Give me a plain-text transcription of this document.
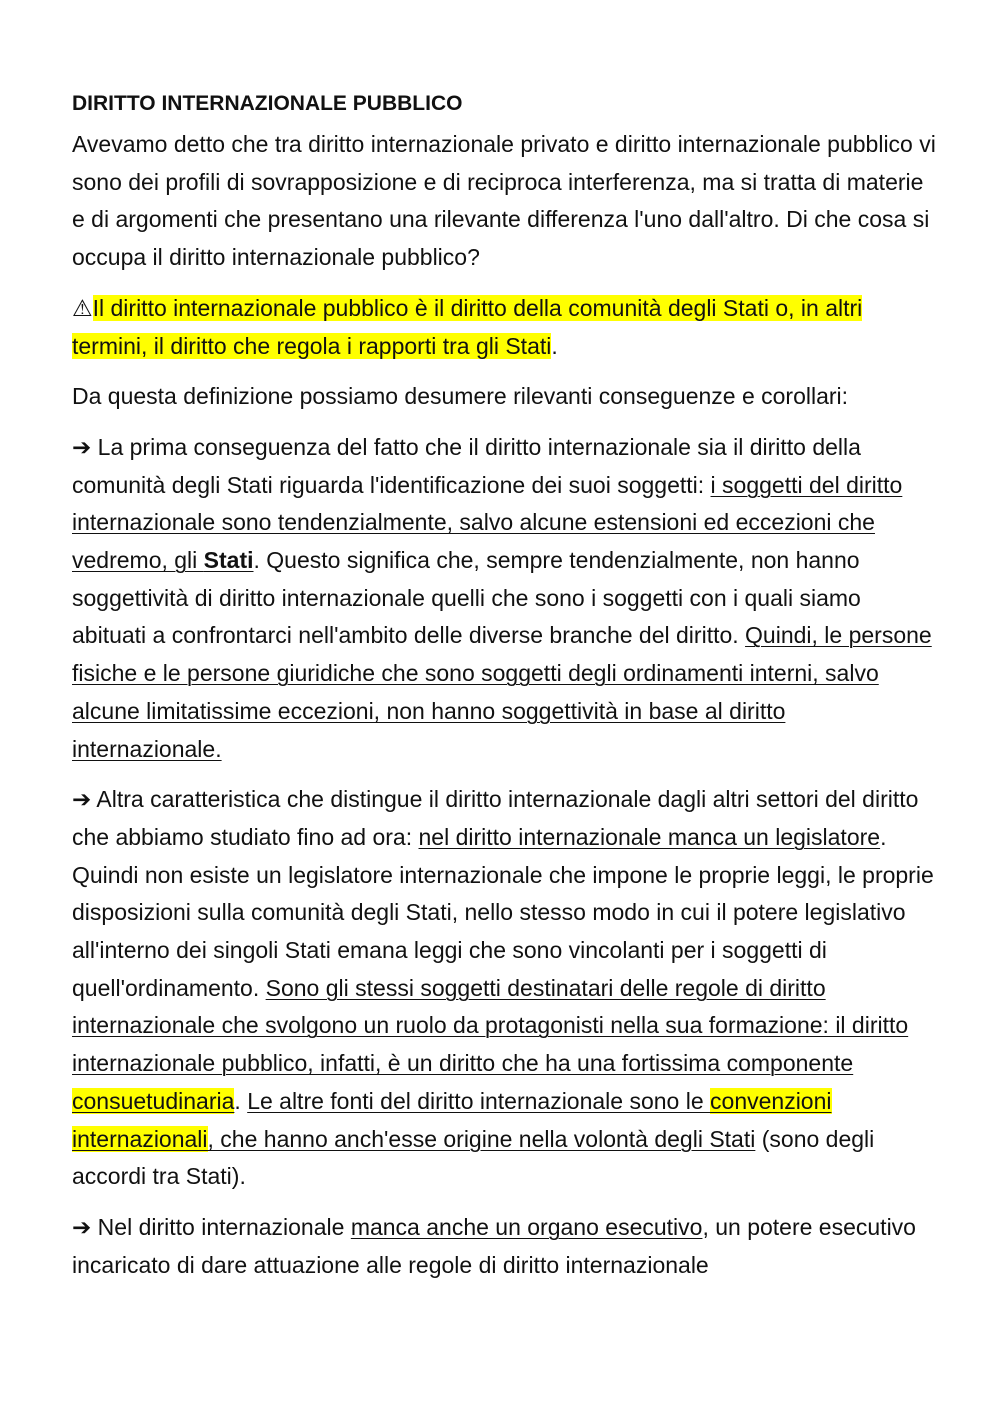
DIRITTO INTERNAZIONALE PUBBLICO

Avevamo detto che tra diritto internazionale privato e diritto internazionale pubblico vi sono dei profili di sovrapposizione e di reciproca interferenza, ma si tratta di materie e di argomenti che presentano una rilevante differenza l'uno dall'altro. Di che cosa si occupa il diritto internazionale pubblico?

⚠Il diritto internazionale pubblico è il diritto della comunità degli Stati o, in altri termini, il diritto che regola i rapporti tra gli Stati.

Da questa definizione possiamo desumere rilevanti conseguenze e corollari:

➔ La prima conseguenza del fatto che il diritto internazionale sia il diritto della comunità degli Stati riguarda l'identificazione dei suoi soggetti: i soggetti del diritto internazionale sono tendenzialmente, salvo alcune estensioni ed eccezioni che vedremo, gli Stati. Questo significa che, sempre tendenzialmente, non hanno soggettività di diritto internazionale quelli che sono i soggetti con i quali siamo abituati a confrontarci nell'ambito delle diverse branche del diritto. Quindi, le persone fisiche e le persone giuridiche che sono soggetti degli ordinamenti interni, salvo alcune limitatissime eccezioni, non hanno soggettività in base al diritto internazionale.

➔ Altra caratteristica che distingue il diritto internazionale dagli altri settori del diritto che abbiamo studiato fino ad ora: nel diritto internazionale manca un legislatore. Quindi non esiste un legislatore internazionale che impone le proprie leggi, le proprie disposizioni sulla comunità degli Stati, nello stesso modo in cui il potere legislativo all'interno dei singoli Stati emana leggi che sono vincolanti per i soggetti di quell'ordinamento. Sono gli stessi soggetti destinatari delle regole di diritto internazionale che svolgono un ruolo da protagonisti nella sua formazione: il diritto internazionale pubblico, infatti, è un diritto che ha una fortissima componente consuetudinaria. Le altre fonti del diritto internazionale sono le convenzioni internazionali, che hanno anch'esse origine nella volontà degli Stati (sono degli accordi tra Stati).

➔ Nel diritto internazionale manca anche un organo esecutivo, un potere esecutivo incaricato di dare attuazione alle regole di diritto internazionale
